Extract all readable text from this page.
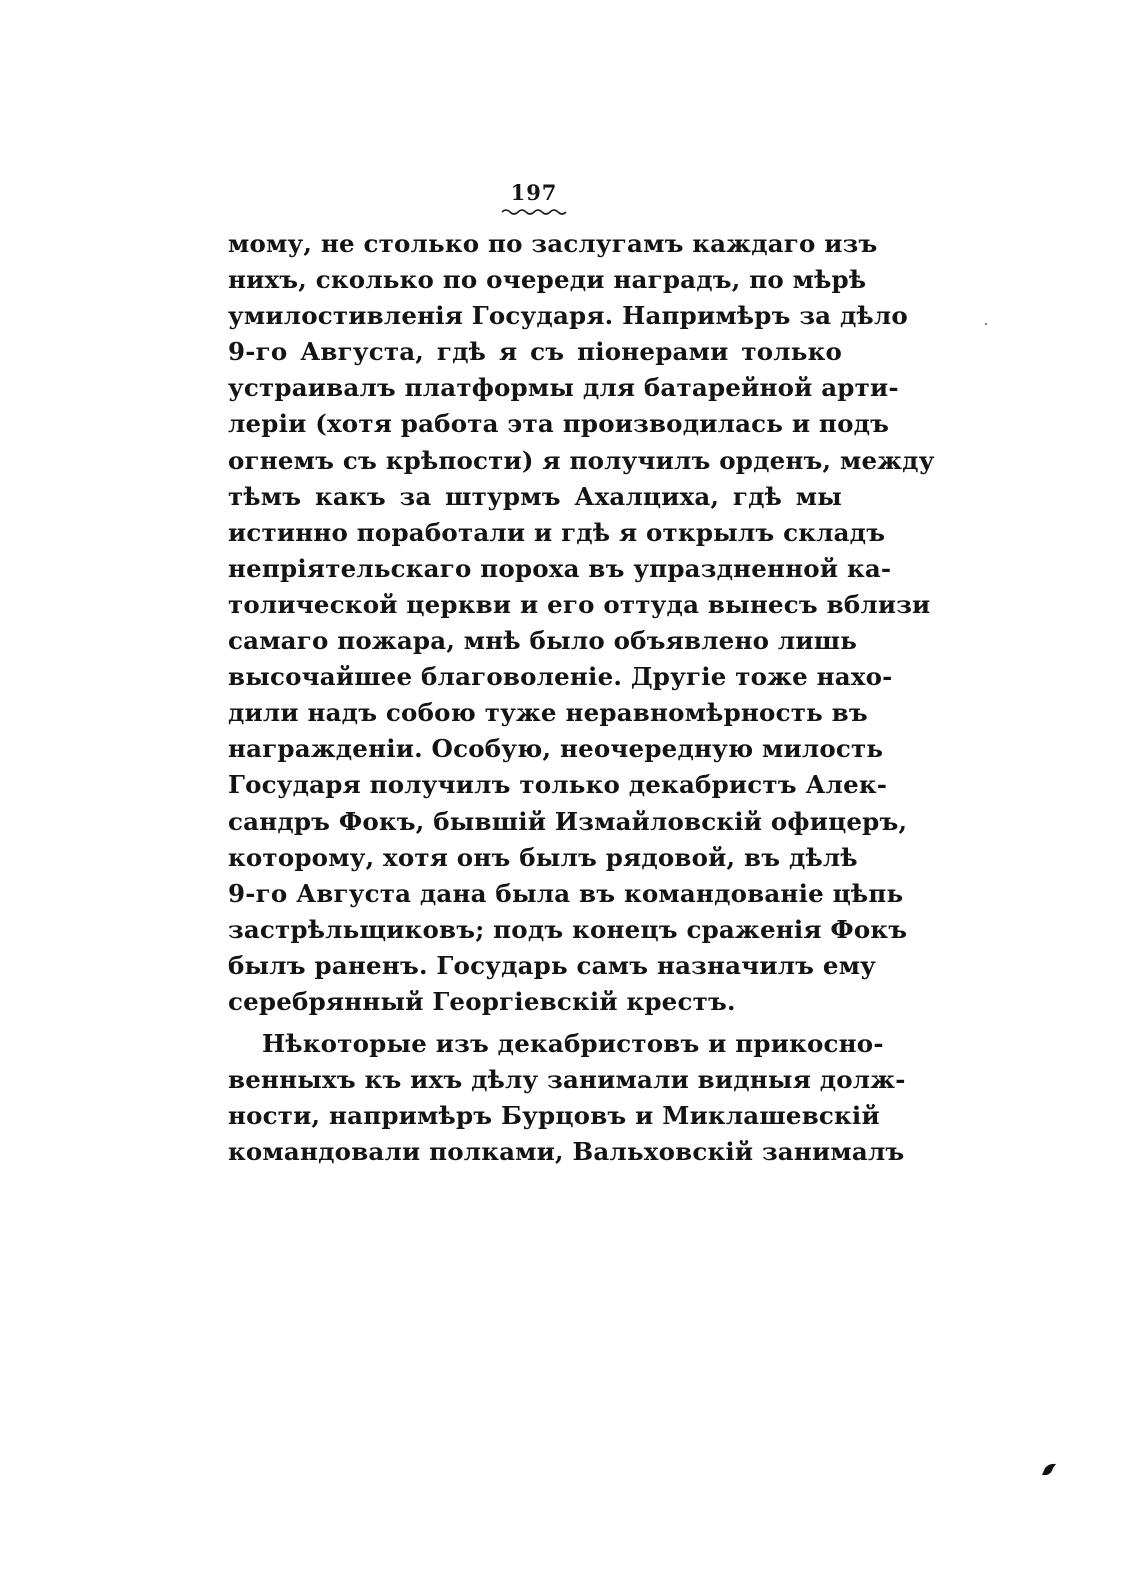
197
мому, не столько по заслугамъ каждаго изъ
нихъ, сколько по очереди наградъ, по мѣрѣ
умилостивленія Государя. Напримѣръ за дѣло
9-го Августа, гдѣ я съ піонерами только
устраивалъ платформы для батарейной арти-
леріи (хотя работа эта производилась и подъ
огнемъ съ крѣпости) я получилъ орденъ, между
тѣмъ какъ за штурмъ Ахалциха, гдѣ мы
истинно поработали и гдѣ я открылъ складъ
непріятельскаго пороха въ упраздненной ка-
толической церкви и его оттуда вынесъ вблизи
самаго пожара, мнѣ было объявлено лишь
высочайшее благоволеніе. Другіе тоже нахо-
дили надъ собою туже неравномѣрность въ
награжденіи. Особую, неочередную милость
Государя получилъ только декабристъ Алек-
сандръ Фокъ, бывшій Измайловскій офицеръ,
которому, хотя онъ былъ рядовой, въ дѣлѣ
9-го Августа дана была въ командованіе цѣпь
застрѣльщиковъ; подъ конецъ сраженія Фокъ
былъ раненъ. Государь самъ назначилъ ему
серебрянный Георгіевскій крестъ.
Нѣкоторые изъ декабристовъ и прикосно-
венныхъ къ ихъ дѣлу занимали видныя долж-
ности, напримѣръ Бурцовъ и Миклашевскій
командовали полками, Вальховскій занималъ
